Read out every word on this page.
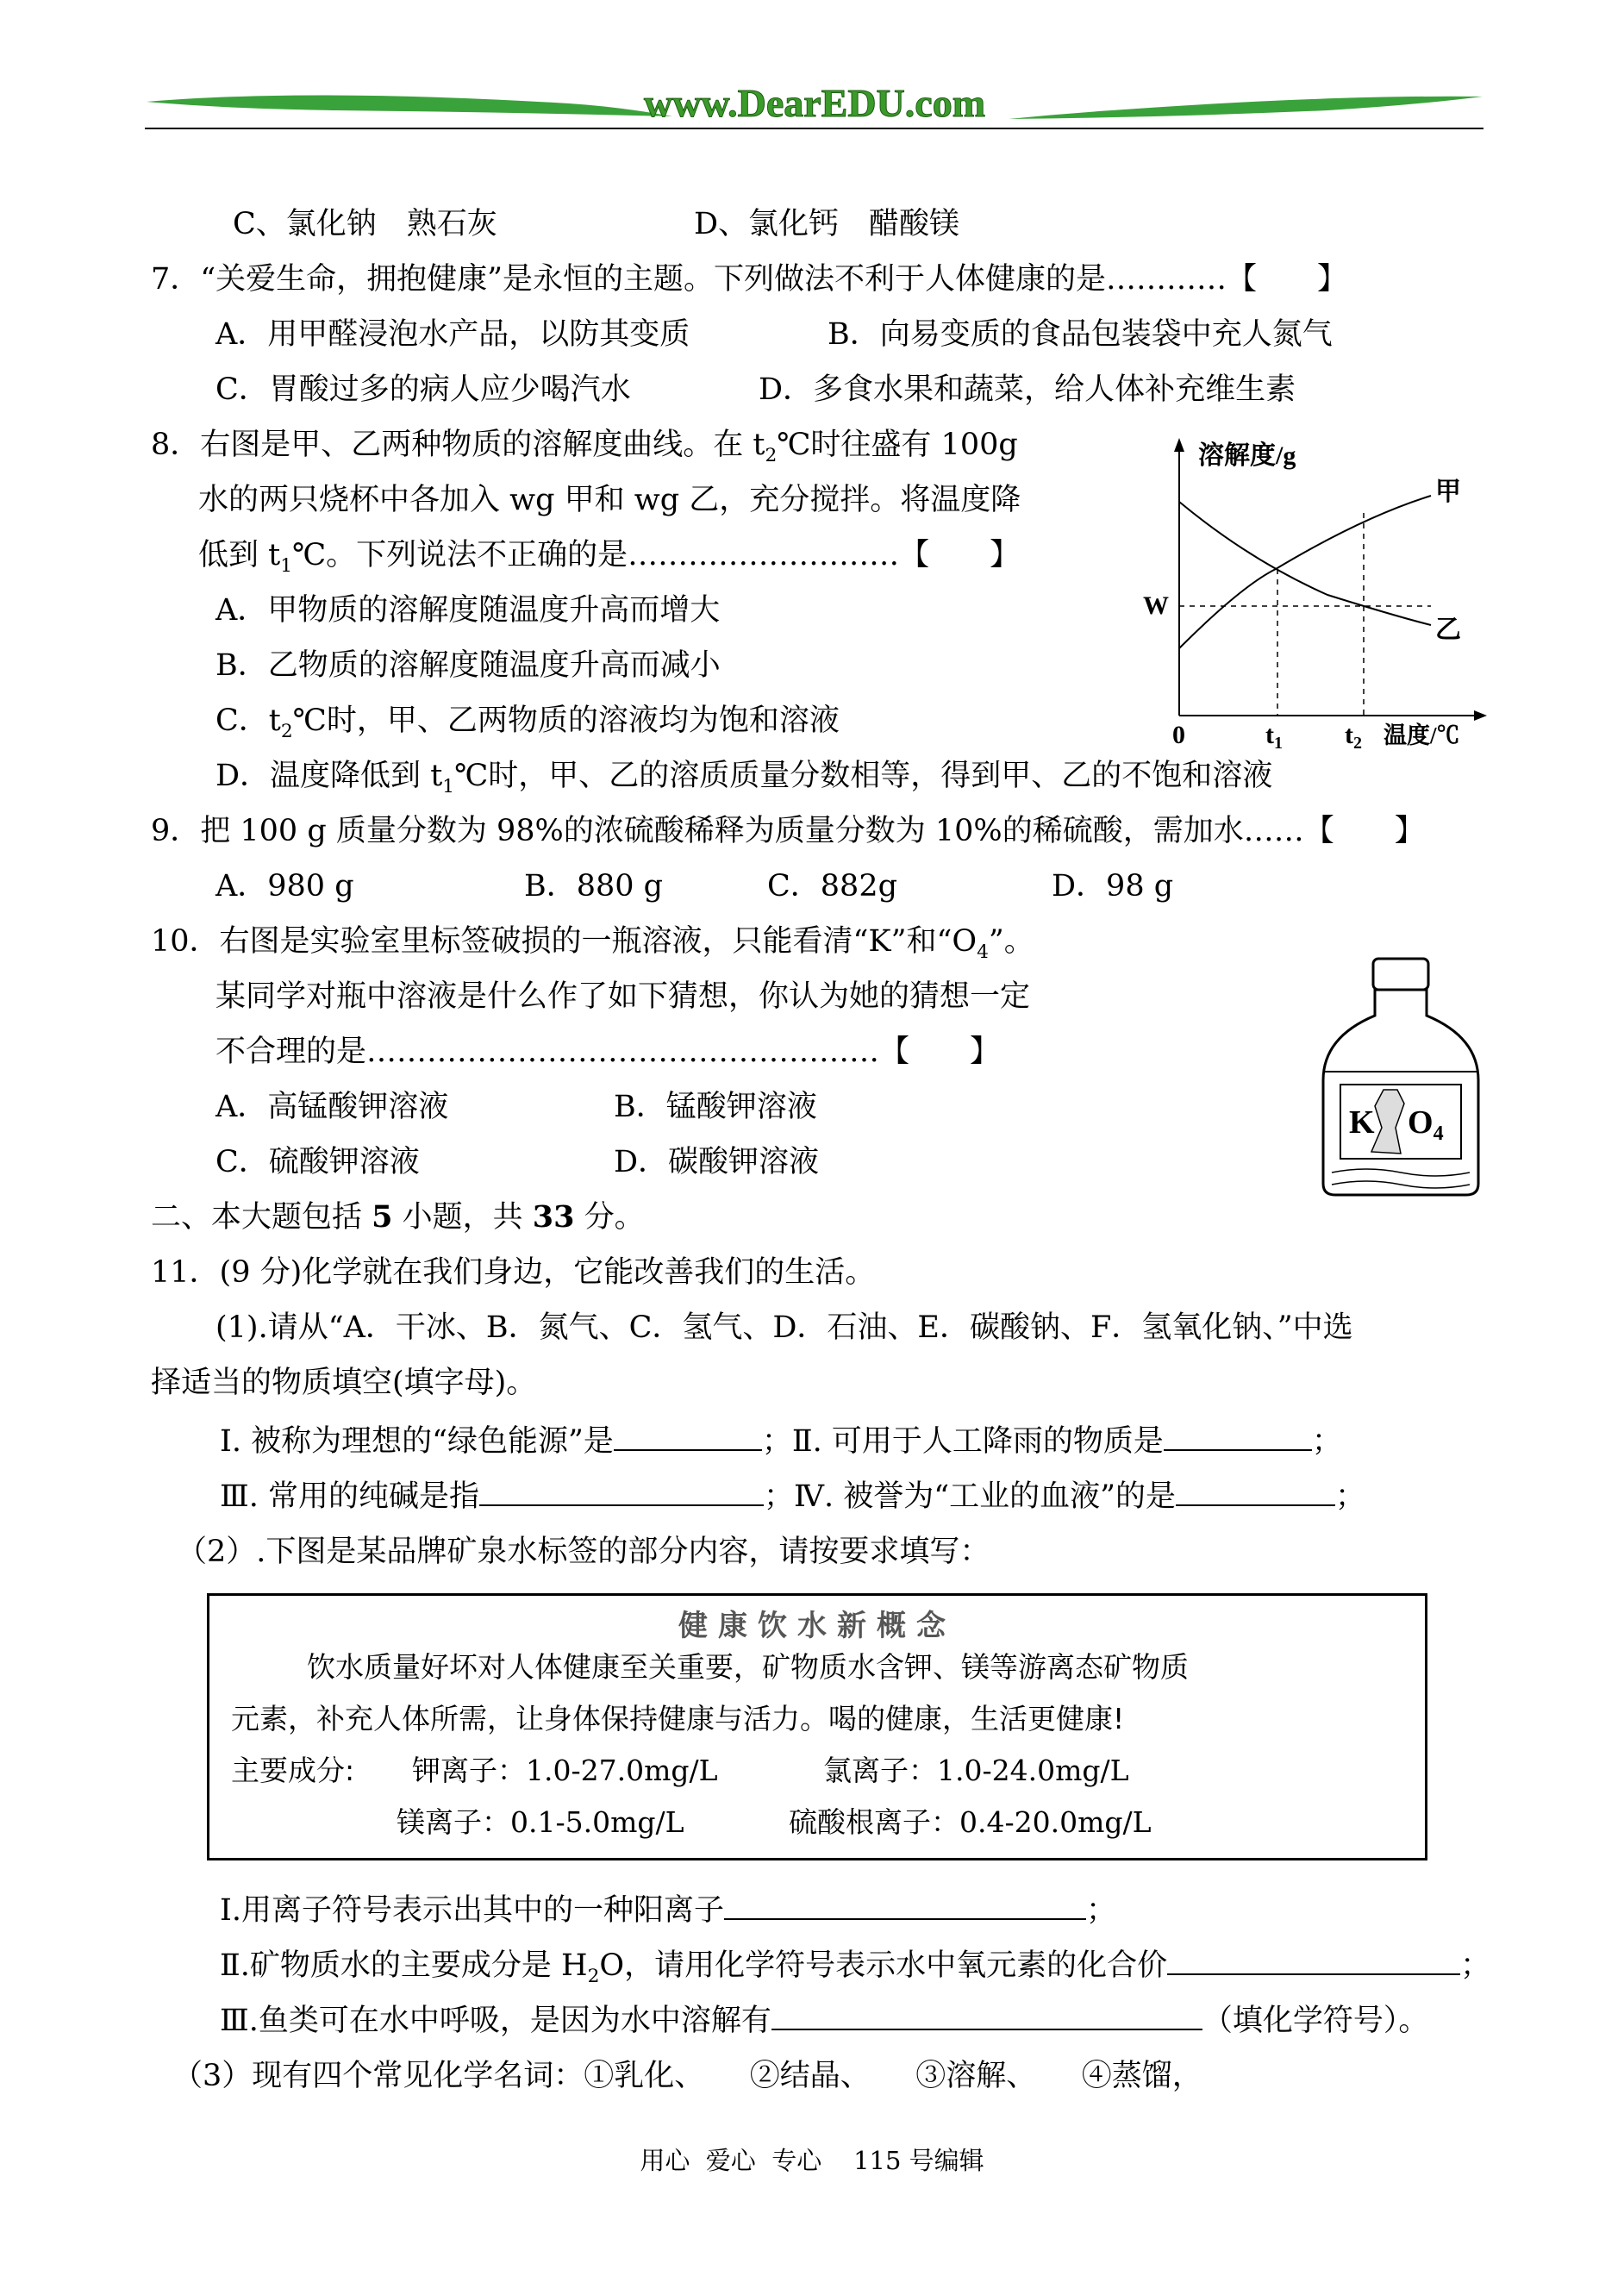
www.DearEDU.com
C、氯化钠　熟石灰	D、氯化钙　醋酸镁
7．“关爱生命，拥抱健康”是永恒的主题。下列做法不利于人体健康的是…………【　　】
A．用甲醛浸泡水产品，以防其变质	B．向易变质的食品包装袋中充人氮气
C．胃酸过多的病人应少喝汽水	D．多食水果和蔬菜，给人体补充维生素
8．右图是甲、乙两种物质的溶解度曲线。在 $t_2℃$时往盛有 100g
水的两只烧杯中各加入 wg 甲和 wg 乙，充分搅拌。将温度降
低到 $t_1℃$。下列说法不正确的是………………………【　　】
A．甲物质的溶解度随温度升高而增大
B．乙物质的溶解度随温度升高而减小
C．$t_2℃$时，甲、乙两物质的溶液均为饱和溶液
D．温度降低到 $t_1℃$时，甲、乙的溶质质量分数相等，得到甲、乙的不饱和溶液
溶解度/g
甲
乙
W
0	$t_1$ $t_2$ 温度/℃
9．把 100 g 质量分数为 98%的浓硫酸稀释为质量分数为 10%的稀硫酸，需加水……【　　】
A．980 g	B．880 g	C．882g	D．98 g
10．右图是实验室里标签破损的一瓶溶液，只能看清“K”和“$O_4$”。
某同学对瓶中溶液是什么作了如下猜想，你认为她的猜想一定
不合理的是……………………………………………【　　】
A．高锰酸钾溶液	B．锰酸钾溶液
C．硫酸钾溶液	D．碳酸钾溶液
K $O_4$
二、本大题包括 5 小题，共 33 分。
11．(9 分)化学就在我们身边，它能改善我们的生活。
(1).请从“A．干冰、B．氮气、C．氢气、D．石油、E．碳酸钠、F．氢氧化钠、”中选
择适当的物质填空(填字母)。
Ⅰ. 被称为理想的“绿色能源”是	；Ⅱ. 可用于人工降雨的物质是	；
Ⅲ. 常用的纯碱是指	；Ⅳ. 被誉为“工业的血液”的是	；
（2）.下图是某品牌矿泉水标签的部分内容，请按要求填写：
健康饮水新概念
饮水质量好坏对人体健康至关重要，矿物质水含钾、镁等游离态矿物质
元素，补充人体所需，让身体保持健康与活力。喝的健康，生活更健康!
主要成分: 钾离子：1.0-27.0mg/L	氯离子：1.0-24.0mg/L
镁离子：0.1-5.0mg/L	硫酸根离子：0.4-20.0mg/L
Ⅰ.用离子符号表示出其中的一种阳离子	；
Ⅱ.矿物质水的主要成分是 $H_2O$，请用化学符号表示水中氧元素的化合价	；
Ⅲ.鱼类可在水中呼吸，是因为水中溶解有	（填化学符号）。
（3）现有四个常见化学名词：①乳化、　　②结晶、　　③溶解、　　④蒸馏，
用心  爱心  专心    115 号编辑
